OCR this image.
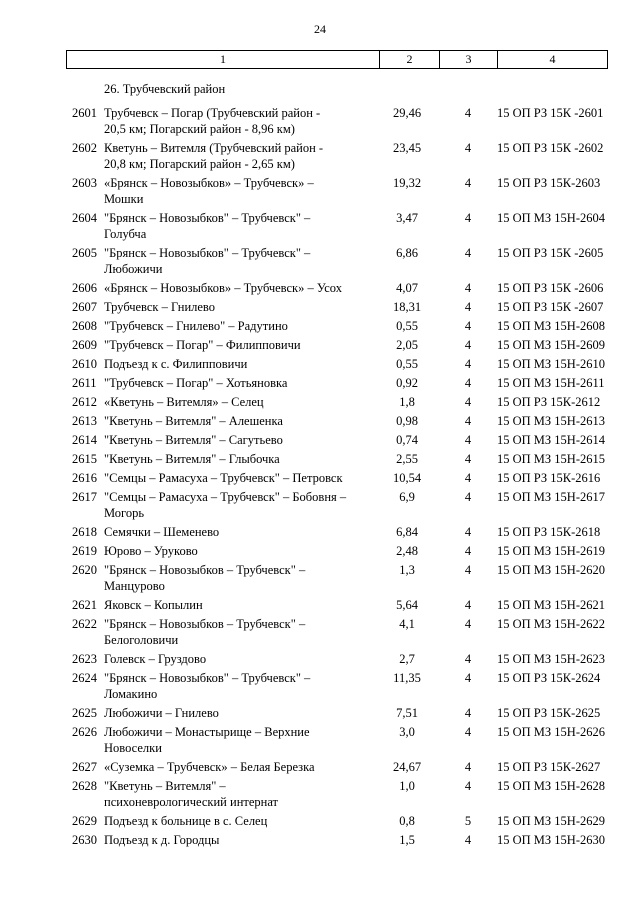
24
1	2	3	4
26. Трубчевский район
2601 Трубчевск – Погар (Трубчевский район -
20,5 км; Погарский район - 8,96 км)
29,46	4	15 ОП РЗ 15К -2601
2602 Кветунь – Витемля (Трубчевский район -
20,8 км; Погарский район - 2,65 км)
23,45	4	15 ОП РЗ 15К -2602
2603 «Брянск – Новозыбков» – Трубчевск» –
Мошки
19,32	4	15 ОП РЗ 15К-2603
2604 "Брянск – Новозыбков" – Трубчевск" –
Голубча
3,47	4	15 ОП МЗ 15Н-2604
2605 "Брянск – Новозыбков" – Трубчевск" –
Любожичи
6,86	4	15 ОП РЗ 15К -2605
2606 «Брянск – Новозыбков» – Трубчевск» – Усох	4,07	4	15 ОП РЗ 15К -2606
2607 Трубчевск – Гнилево	18,31	4	15 ОП РЗ 15К -2607
2608 "Трубчевск – Гнилево" – Радутино	0,55	4	15 ОП МЗ 15Н-2608
2609 "Трубчевск – Погар" – Филипповичи	2,05	4	15 ОП МЗ 15Н-2609
2610 Подъезд к с. Филипповичи	0,55	4	15 ОП МЗ 15Н-2610
2611 "Трубчевск – Погар" – Хотьяновка	0,92	4	15 ОП МЗ 15Н-2611
2612 «Кветунь – Витемля» – Селец	1,8	4	15 ОП РЗ 15К-2612
2613 "Кветунь – Витемля" – Алешенка	0,98	4	15 ОП МЗ 15Н-2613
2614 "Кветунь – Витемля" – Сагутьево	0,74	4	15 ОП МЗ 15Н-2614
2615 "Кветунь – Витемля" – Глыбочка	2,55	4	15 ОП МЗ 15Н-2615
2616 "Семцы – Рамасуха – Трубчевск" – Петровск	10,54	4	15 ОП РЗ 15К-2616
2617 "Семцы – Рамасуха – Трубчевск" – Бобовня –
Могорь
6,9	4	15 ОП МЗ 15Н-2617
2618 Семячки – Шеменево	6,84	4	15 ОП РЗ 15К-2618
2619 Юрово – Уруково	2,48	4	15 ОП МЗ 15Н-2619
2620 "Брянск – Новозыбков – Трубчевск" –
Манцурово
1,3	4	15 ОП МЗ 15Н-2620
2621 Яковск – Копылин	5,64	4	15 ОП МЗ 15Н-2621
2622 "Брянск – Новозыбков – Трубчевск" –
Белоголовичи
4,1	4	15 ОП МЗ 15Н-2622
2623 Голевск – Груздово	2,7	4	15 ОП МЗ 15Н-2623
2624 "Брянск – Новозыбков" – Трубчевск" –
Ломакино
11,35	4	15 ОП РЗ 15К-2624
2625 Любожичи – Гнилево	7,51	4	15 ОП РЗ 15К-2625
2626 Любожичи – Монастырище – Верхние
Новоселки
3,0	4	15 ОП МЗ 15Н-2626
2627 «Суземка – Трубчевск» – Белая Березка	24,67	4	15 ОП РЗ 15К-2627
2628 "Кветунь – Витемля" –
психоневрологический интернат
1,0	4	15 ОП МЗ 15Н-2628
2629 Подъезд к больнице в с. Селец	0,8	5	15 ОП МЗ 15Н-2629
2630 Подъезд к д. Городцы	1,5	4	15 ОП МЗ 15Н-2630
